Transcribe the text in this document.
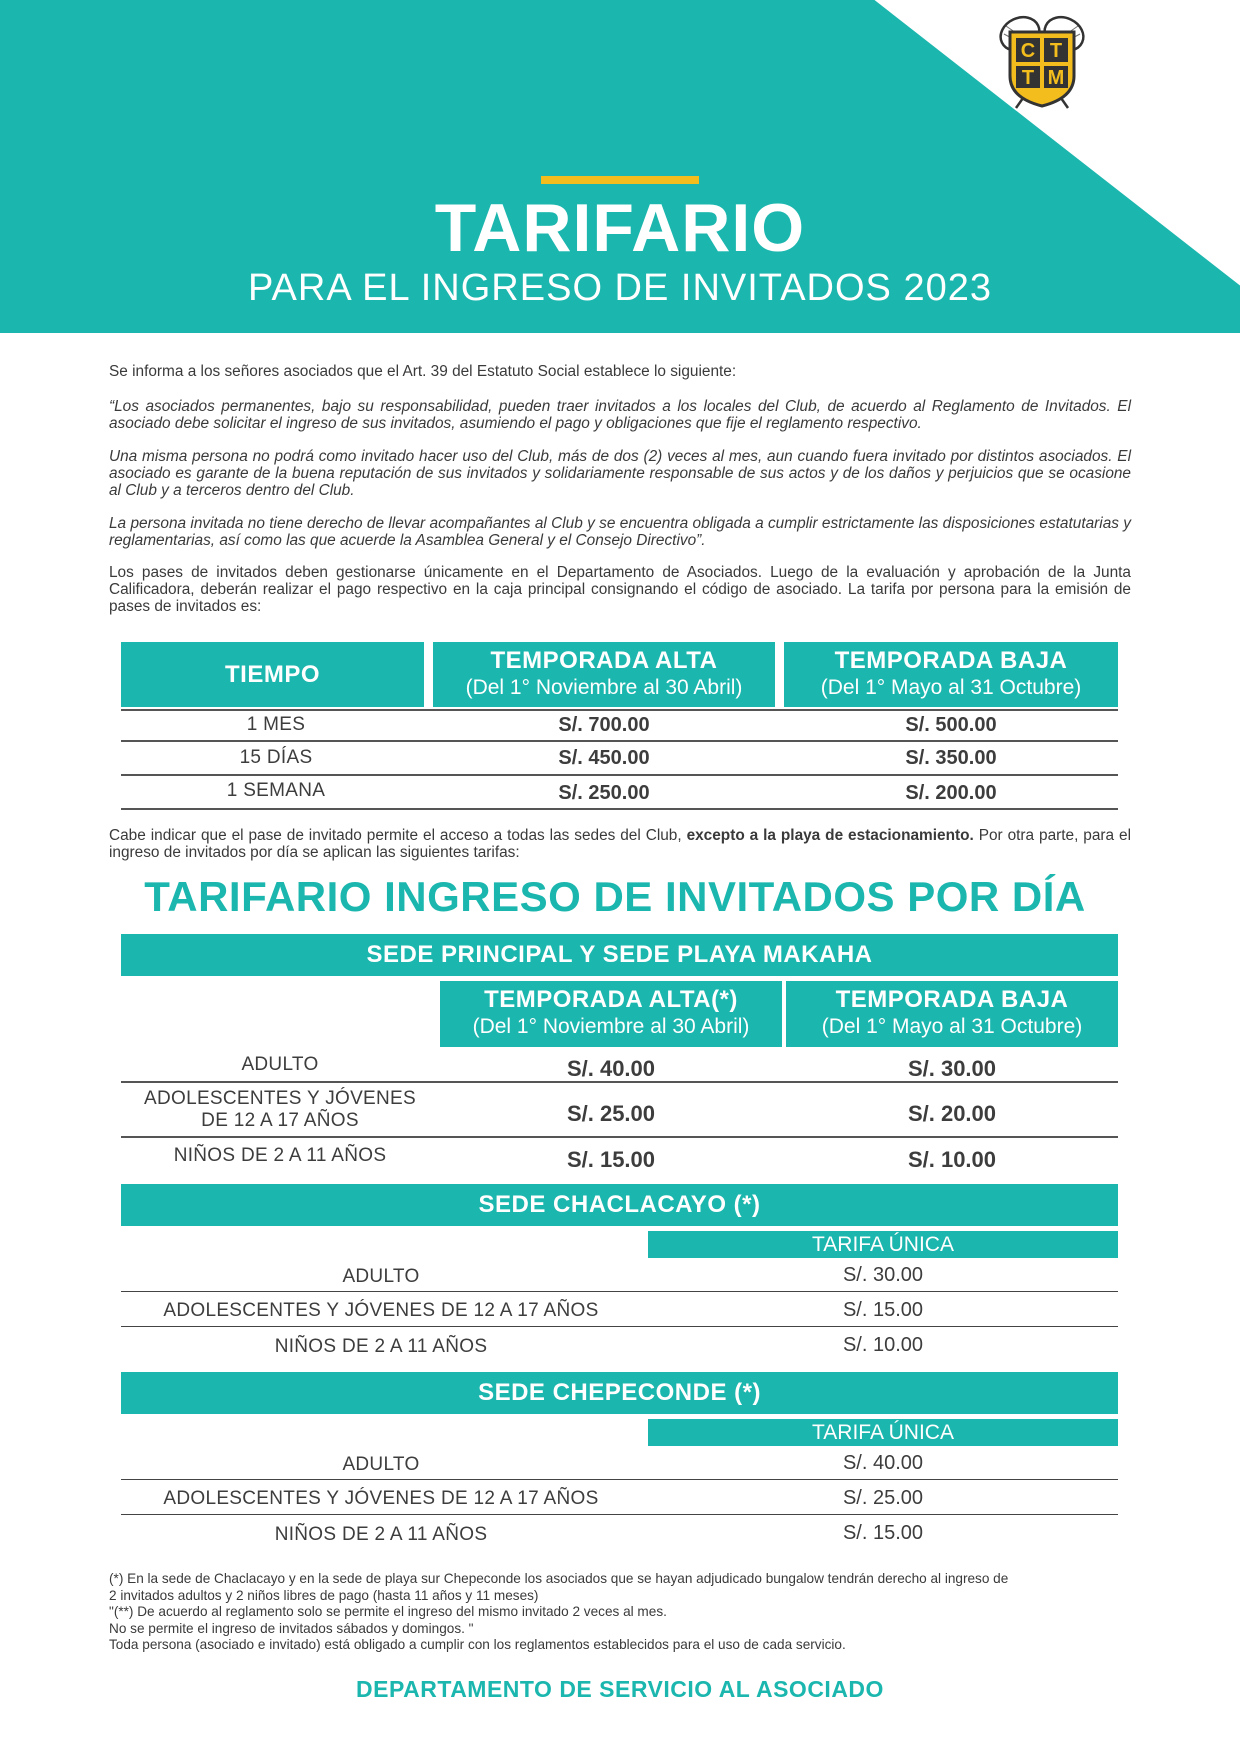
C T
T M
TARIFARIO
PARA EL INGRESO DE INVITADOS 2023
Se informa a los señores asociados que el Art. 39 del Estatuto Social establece lo siguiente:
“Los asociados permanentes, bajo su responsabilidad, pueden traer invitados a los locales del Club, de acuerdo al Reglamento de Invitados. El asociado debe solicitar el ingreso de sus invitados, asumiendo el pago y obligaciones que fije el reglamento respectivo.
Una misma persona no podrá como invitado hacer uso del Club, más de dos (2) veces al mes, aun cuando fuera invitado por distintos asociados. El asociado es garante de la buena reputación de sus invitados y solidariamente responsable de sus actos y de los daños y perjuicios que se ocasione al Club y a terceros dentro del Club.
La persona invitada no tiene derecho de llevar acompañantes al Club y se encuentra obligada a cumplir estrictamente las disposiciones estatutarias y reglamentarias, así como las que acuerde la Asamblea General y el Consejo Directivo”.
Los pases de invitados deben gestionarse únicamente en el Departamento de Asociados. Luego de la evaluación y aprobación de la Junta Calificadora, deberán realizar el pago respectivo en la caja principal consignando el código de asociado. La tarifa por persona para la emisión de pases de invitados es:
TIEMPO
TEMPORADA ALTA
(Del 1° Noviembre al 30 Abril)
TEMPORADA BAJA
(Del 1° Mayo al 31 Octubre)
1 MES	S/. 700.00	S/. 500.00
15 DÍAS	S/. 450.00	S/. 350.00
1 SEMANA	S/. 250.00	S/. 200.00
Cabe indicar que el pase de invitado permite el acceso a todas las sedes del Club, excepto a la playa de estacionamiento. Por otra parte, para el ingreso de invitados por día se aplican las siguientes tarifas:
TARIFARIO INGRESO DE INVITADOS POR DÍA
SEDE PRINCIPAL Y SEDE PLAYA MAKAHA
TEMPORADA ALTA(*)
(Del 1° Noviembre al 30 Abril)
TEMPORADA BAJA
(Del 1° Mayo al 31 Octubre)
ADULTO	S/. 40.00	S/. 30.00
ADOLESCENTES Y JÓVENES
DE 12 A 17 AÑOS	S/. 25.00	S/. 20.00
NIÑOS DE 2 A 11 AÑOS	S/. 15.00	S/. 10.00
SEDE CHACLACAYO (*)
TARIFA ÚNICA
ADULTO	S/. 30.00
ADOLESCENTES Y JÓVENES DE 12 A 17 AÑOS	S/. 15.00
NIÑOS DE 2 A 11 AÑOS	S/. 10.00
SEDE CHEPECONDE (*)
TARIFA ÚNICA
ADULTO	S/. 40.00
ADOLESCENTES Y JÓVENES DE 12 A 17 AÑOS	S/. 25.00
NIÑOS DE 2 A 11 AÑOS	S/. 15.00
(*) En la sede de Chaclacayo y en la sede de playa sur Chepeconde los asociados que se hayan adjudicado bungalow tendrán derecho al ingreso de
2 invitados adultos y 2 niños libres de pago (hasta 11 años y 11 meses)
"(**) De acuerdo al reglamento solo se permite el ingreso del mismo invitado 2 veces al mes.
No se permite el ingreso de invitados sábados y domingos. "
Toda persona (asociado e invitado) está obligado a cumplir con los reglamentos establecidos para el uso de cada servicio.
DEPARTAMENTO DE SERVICIO AL ASOCIADO
